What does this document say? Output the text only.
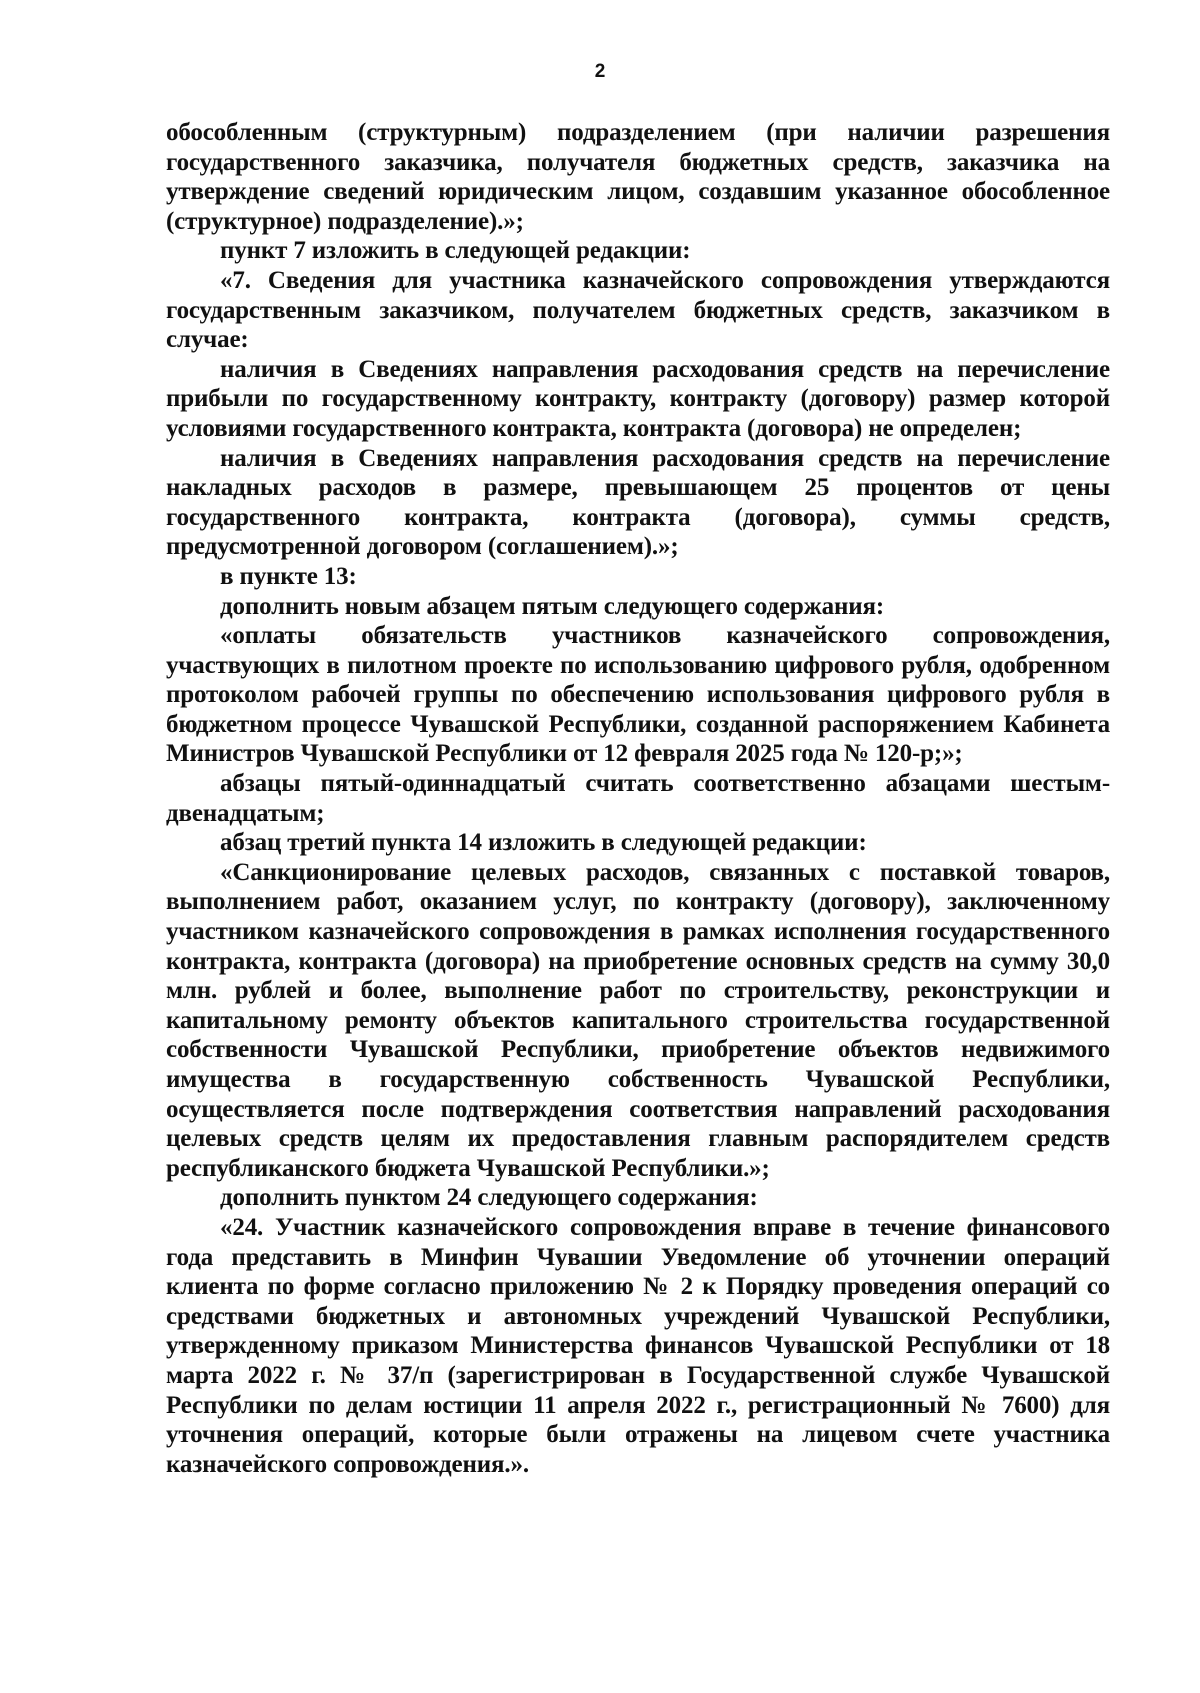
2

обособленным (структурным) подразделением (при наличии разрешения государственного заказчика, получателя бюджетных средств, заказчика на утверждение сведений юридическим лицом, создавшим указанное обособленное (структурное) подразделение).»;

пункт 7 изложить в следующей редакции:

«7. Сведения для участника казначейского сопровождения утверждаются государственным заказчиком, получателем бюджетных средств, заказчиком в случае:

наличия в Сведениях направления расходования средств на перечисление прибыли по государственному контракту, контракту (договору) размер которой условиями государственного контракта, контракта (договора) не определен;

наличия в Сведениях направления расходования средств на перечисление накладных расходов в размере, превышающем 25 процентов от цены государственного контракта, контракта (договора), суммы средств, предусмотренной договором (соглашением).»;

в пункте 13:

дополнить новым абзацем пятым следующего содержания:

«оплаты обязательств участников казначейского сопровождения, участвующих в пилотном проекте по использованию цифрового рубля, одобренном протоколом рабочей группы по обеспечению использования цифрового рубля в бюджетном процессе Чувашской Республики, созданной распоряжением Кабинета Министров Чувашской Республики от 12 февраля 2025 года № 120-р;»;

абзацы пятый-одиннадцатый считать соответственно абзацами шестым-двенадцатым;

абзац третий пункта 14 изложить в следующей редакции:

«Санкционирование целевых расходов, связанных с поставкой товаров, выполнением работ, оказанием услуг, по контракту (договору), заключенному участником казначейского сопровождения в рамках исполнения государственного контракта, контракта (договора) на приобретение основных средств на сумму 30,0 млн. рублей и более, выполнение работ по строительству, реконструкции и капитальному ремонту объектов капитального строительства государственной собственности Чувашской Республики, приобретение объектов недвижимого имущества в государственную собственность Чувашской Республики, осуществляется после подтверждения соответствия направлений расходования целевых средств целям их предоставления главным распорядителем средств республиканского бюджета Чувашской Республики.»;

дополнить пунктом 24 следующего содержания:

«24. Участник казначейского сопровождения вправе в течение финансового года представить в Минфин Чувашии Уведомление об уточнении операций клиента по форме согласно приложению № 2 к Порядку проведения операций со средствами бюджетных и автономных учреждений Чувашской Республики, утвержденному приказом Министерства финансов Чувашской Республики от 18 марта 2022 г. № 37/п (зарегистрирован в Государственной службе Чувашской Республики по делам юстиции 11 апреля 2022 г., регистрационный № 7600) для уточнения операций, которые были отражены на лицевом счете участника казначейского сопровождения.».
